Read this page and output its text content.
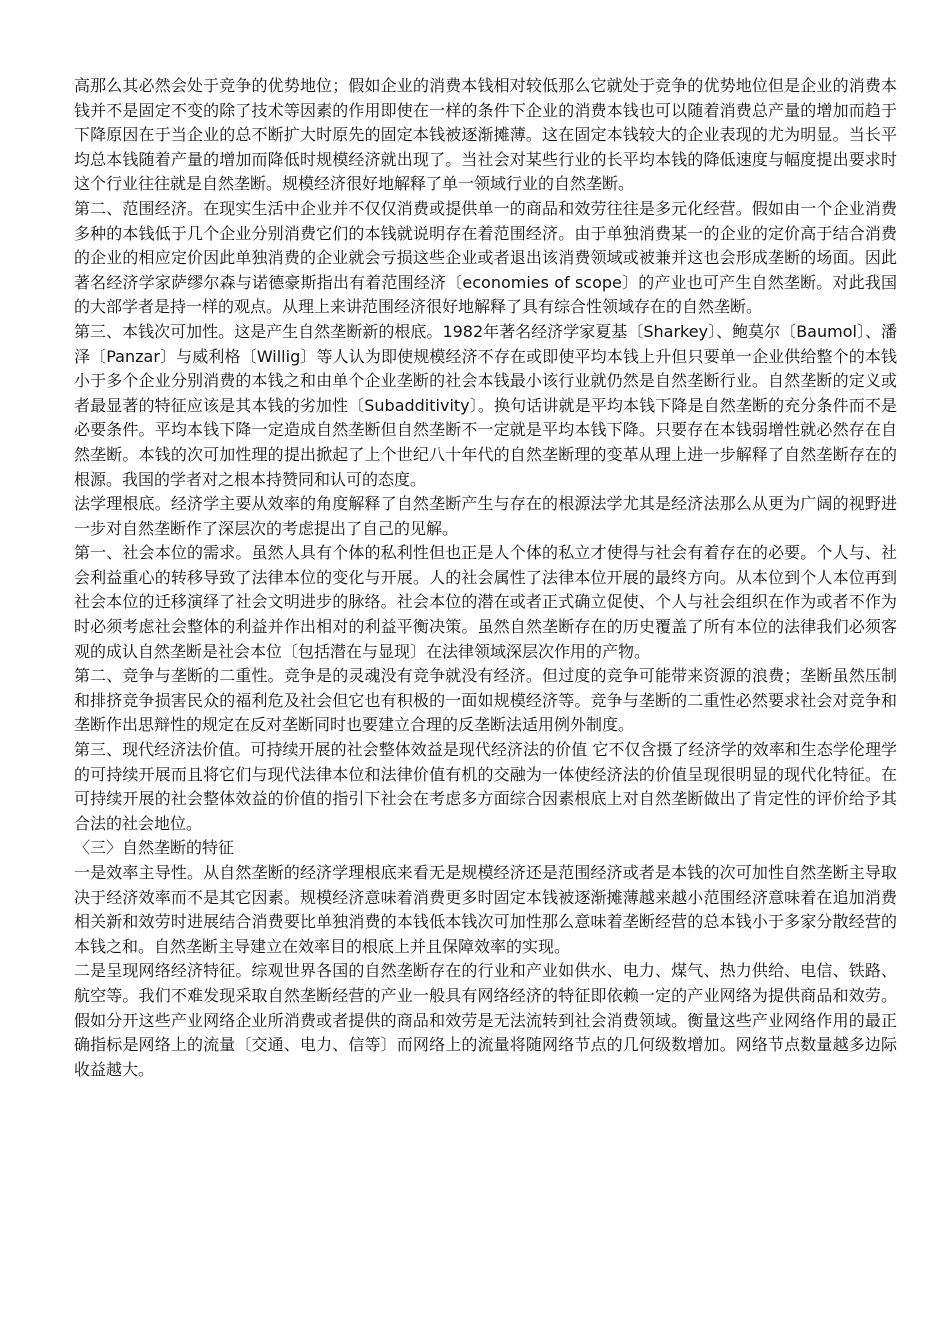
高那么其必然会处于竞争的优势地位；假如企业的消费本钱相对较低那么它就处于竞争的优势地位但是企业的消费本钱并不是固定不变的除了技术等因素的作用即使在一样的条件下企业的消费本钱也可以随着消费总产量的增加而趋于下降原因在于当企业的总不断扩大时原先的固定本钱被逐渐摊薄。这在固定本钱较大的企业表现的尤为明显。当长平均总本钱随着产量的增加而降低时规模经济就出现了。当社会对某些行业的长平均本钱的降低速度与幅度提出要求时这个行业往往就是自然垄断。规模经济很好地解释了单一领域行业的自然垄断。

第二、范围经济。在现实生活中企业并不仅仅消费或提供单一的商品和效劳往往是多元化经营。假如由一个企业消费多种的本钱低于几个企业分别消费它们的本钱就说明存在着范围经济。由于单独消费某一的企业的定价高于结合消费的企业的相应定价因此单独消费的企业就会亏损这些企业或者退出该消费领域或被兼并这也会形成垄断的场面。因此著名经济学家萨缪尔森与诺德豪斯指出有着范围经济〔economies of scope〕的产业也可产生自然垄断。对此我国的大部学者是持一样的观点。从理上来讲范围经济很好地解释了具有综合性领域存在的自然垄断。

第三、本钱次可加性。这是产生自然垄断新的根底。1982年著名经济学家夏基〔Sharkey〕、鲍莫尔〔Baumol〕、潘泽〔Panzar〕与威利格〔Willig〕等人认为即使规模经济不存在或即使平均本钱上升但只要单一企业供给整个的本钱小于多个企业分别消费的本钱之和由单个企业垄断的社会本钱最小该行业就仍然是自然垄断行业。自然垄断的定义或者最显著的特征应该是其本钱的劣加性〔Subadditivity〕。换句话讲就是平均本钱下降是自然垄断的充分条件而不是必要条件。平均本钱下降一定造成自然垄断但自然垄断不一定就是平均本钱下降。只要存在本钱弱增性就必然存在自然垄断。本钱的次可加性理的提出掀起了上个世纪八十年代的自然垄断理的变革从理上进一步解释了自然垄断存在的根源。我国的学者对之根本持赞同和认可的态度。

法学理根底。经济学主要从效率的角度解释了自然垄断产生与存在的根源法学尤其是经济法那么从更为广阔的视野进一步对自然垄断作了深层次的考虑提出了自己的见解。

第一、社会本位的需求。虽然人具有个体的私利性但也正是人个体的私立才使得与社会有着存在的必要。个人与、社会利益重心的转移导致了法律本位的变化与开展。人的社会属性了法律本位开展的最终方向。从本位到个人本位再到社会本位的迁移演绎了社会文明进步的脉络。社会本位的潜在或者正式确立促使、个人与社会组织在作为或者不作为时必须考虑社会整体的利益并作出相对的利益平衡决策。虽然自然垄断存在的历史覆盖了所有本位的法律我们必须客观的成认自然垄断是社会本位〔包括潜在与显现〕在法律领域深层次作用的产物。

第二、竞争与垄断的二重性。竞争是的灵魂没有竞争就没有经济。但过度的竞争可能带来资源的浪费；垄断虽然压制和排挤竞争损害民众的福利危及社会但它也有积极的一面如规模经济等。竞争与垄断的二重性必然要求社会对竞争和垄断作出思辩性的规定在反对垄断同时也要建立合理的反垄断法适用例外制度。

第三、现代经济法价值。可持续开展的社会整体效益是现代经济法的价值 它不仅含摄了经济学的效率和生态学伦理学的可持续开展而且将它们与现代法律本位和法律价值有机的交融为一体使经济法的价值呈现很明显的现代化特征。在可持续开展的社会整体效益的价值的指引下社会在考虑多方面综合因素根底上对自然垄断做出了肯定性的评价给予其合法的社会地位。

〈三〉自然垄断的特征

一是效率主导性。从自然垄断的经济学理根底来看无是规模经济还是范围经济或者是本钱的次可加性自然垄断主导取决于经济效率而不是其它因素。规模经济意味着消费更多时固定本钱被逐渐摊薄越来越小范围经济意味着在追加消费相关新和效劳时进展结合消费要比单独消费的本钱低本钱次可加性那么意味着垄断经营的总本钱小于多家分散经营的本钱之和。自然垄断主导建立在效率目的根底上并且保障效率的实现。

二是呈现网络经济特征。综观世界各国的自然垄断存在的行业和产业如供水、电力、煤气、热力供给、电信、铁路、航空等。我们不难发现采取自然垄断经营的产业一般具有网络经济的特征即依赖一定的产业网络为提供商品和效劳。假如分开这些产业网络企业所消费或者提供的商品和效劳是无法流转到社会消费领域。衡量这些产业网络作用的最正确指标是网络上的流量〔交通、电力、信等〕而网络上的流量将随网络节点的几何级数增加。网络节点数量越多边际收益越大。
